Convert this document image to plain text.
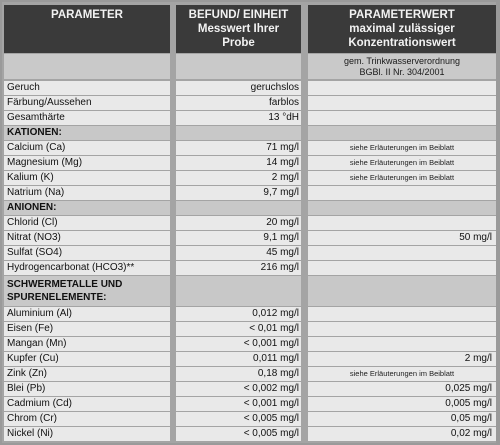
PARAMETER
Geruch
Färbung/Aussehen
Gesamthärte
KATIONEN:
Calcium (Ca)
Magnesium (Mg)
Kalium (K)
Natrium (Na)
ANIONEN:
Chlorid (Cl)
Nitrat (NO3)
Sulfat (SO4)
Hydrogencarbonat (HCO3)**
SCHWERMETALLE UND SPURENELEMENTE:
Aluminium (Al)
Eisen (Fe)
Mangan (Mn)
Kupfer (Cu)
Zink (Zn)
Blei (Pb)
Cadmium (Cd)
Chrom (Cr)
Nickel (Ni)
BEFUND/ EINHEIT
Messwert Ihrer
Probe
geruchslos
farblos
13 °dH
71 mg/l
14 mg/l
2 mg/l
9,7 mg/l
20 mg/l
9,1 mg/l
45 mg/l
216 mg/l
0,012 mg/l
< 0,01 mg/l
< 0,001 mg/l
0,011 mg/l
0,18 mg/l
< 0,002 mg/l
< 0,001 mg/l
< 0,005 mg/l
< 0,005 mg/l
PARAMETERWERT
maximal zulässiger
Konzentrationswert
gem. Trinkwasserverordnung
BGBl. II Nr. 304/2001
siehe Erläuterungen im Beiblatt
siehe Erläuterungen im Beiblatt
siehe Erläuterungen im Beiblatt
50 mg/l
2 mg/l
siehe Erläuterungen im Beiblatt
0,025 mg/l
0,005 mg/l
0,05 mg/l
0,02 mg/l
